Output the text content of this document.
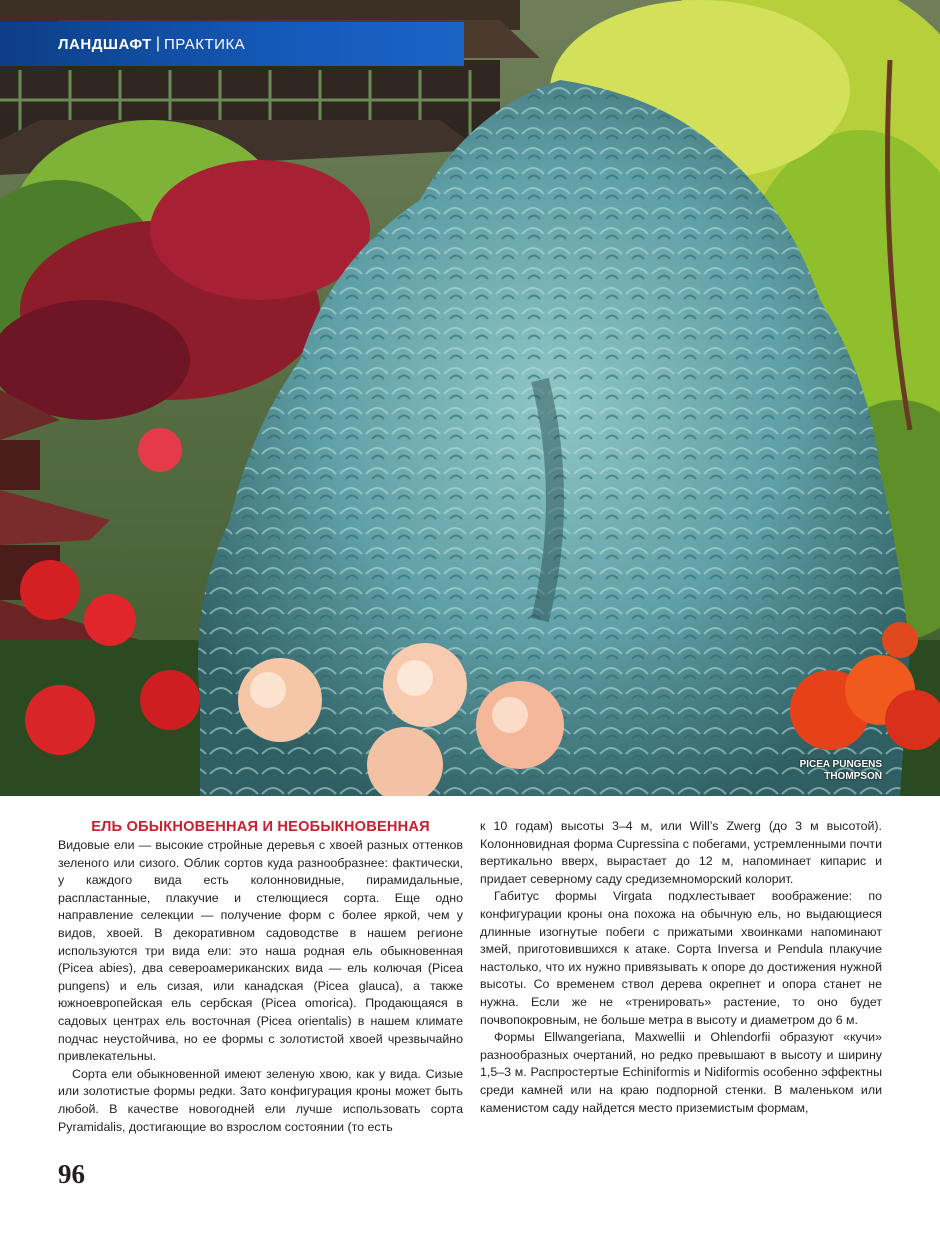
PICEA PUNGENS
THOMPSON
ЛАНДШАФТ | ПРАКТИКА
ЕЛЬ ОБЫКНОВЕННАЯ И НЕОБЫКНОВЕННАЯ

Видовые ели — высокие стройные деревья с хвоей разных оттенков зеленого или сизого. Облик сортов куда разнообразнее: фактически, у каждого вида есть колонновидные, пирамидальные, распластанные, плакучие и стелющиеся сорта. Еще одно направление селекции — получение форм с более яркой, чем у видов, хвоей. В декоративном садоводстве в нашем регионе используются три вида ели: это наша родная ель обыкновенная (Picea abies), два североамериканских вида — ель колючая (Picea pungens) и ель сизая, или канадская (Picea glauca), а также южноевропейская ель сербская (Picea omorica). Продающаяся в садовых центрах ель восточная (Picea orientalis) в нашем климате подчас неустойчива, но ее формы с золотистой хвоей чрезвычайно привлекательны.

Сорта ели обыкновенной имеют зеленую хвою, как у вида. Сизые или золотистые формы редки. Зато конфигурация кроны может быть любой. В качестве новогодней ели лучше использовать сорта Pyramidalis, достигающие во взрослом состоянии (то есть

к 10 годам) высоты 3–4 м, или Will’s Zwerg (до 3 м высотой). Колонновидная форма Cupressina с побегами, устремленными почти вертикально вверх, вырастает до 12 м, напоминает кипарис и придает северному саду средиземноморский колорит.

Габитус формы Virgata подхлестывает воображение: по конфигурации кроны она похожа на обычную ель, но выдающиеся длинные изогнутые побеги с прижатыми хвоинками напоминают змей, приготовившихся к атаке. Сорта Inversa и Pendula плакучие настолько, что их нужно привязывать к опоре до достижения нужной высоты. Со временем ствол дерева окрепнет и опора станет не нужна. Если же не «тренировать» растение, то оно будет почвопокровным, не больше метра в высоту и диаметром до 6 м.

Формы Ellwangeriana, Maxwellii и Ohlendorfii образуют «кучи» разнообразных очертаний, но редко превышают в высоту и ширину 1,5–3 м. Распростертые Echiniformis и Nidiformis особенно эффектны среди камней или на краю подпорной стенки. В маленьком или каменистом саду найдется место приземистым формам,

96
